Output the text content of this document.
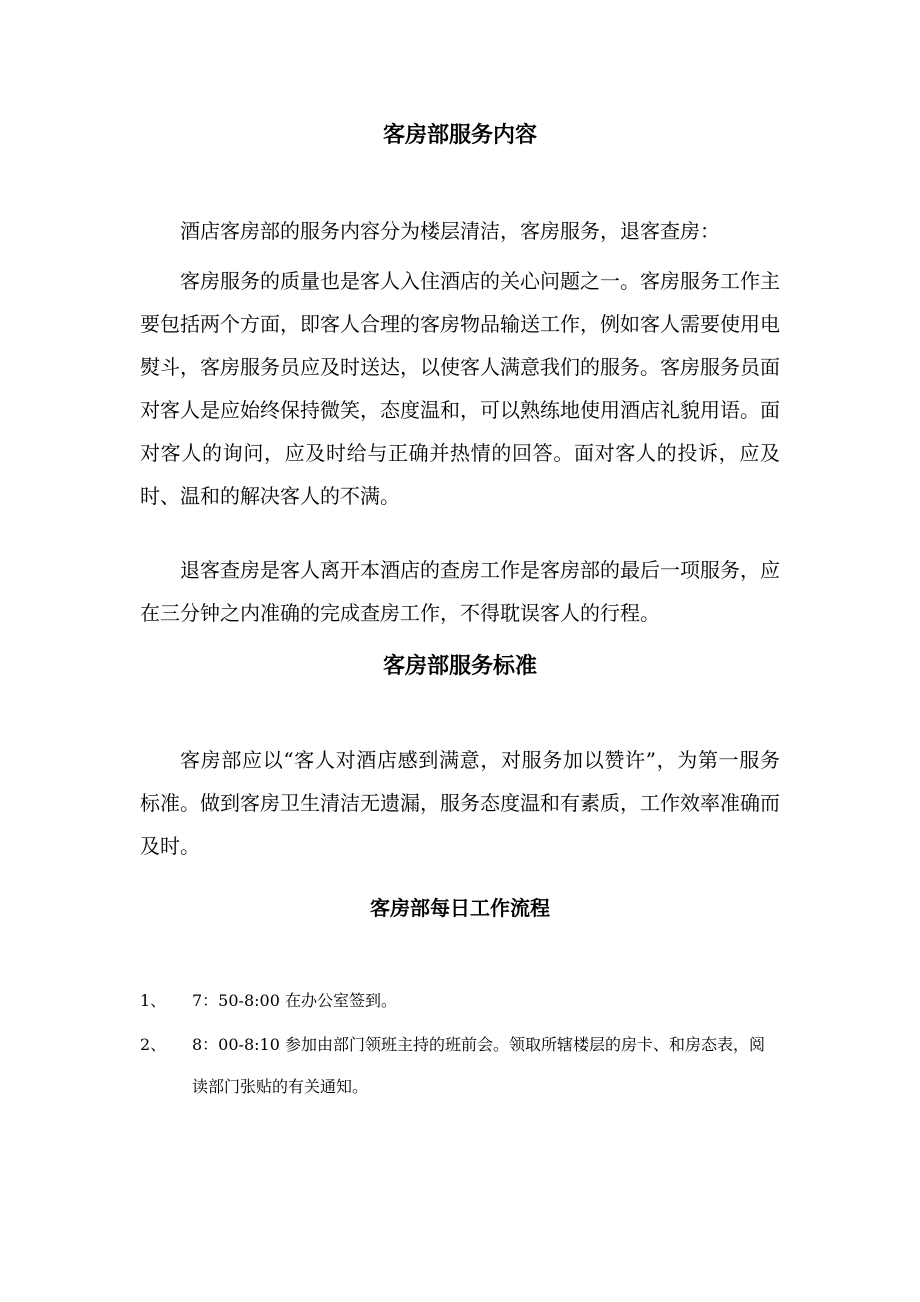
客房部服务内容

酒店客房部的服务内容分为楼层清洁，客房服务，退客查房：

客房服务的质量也是客人入住酒店的关心问题之一。客房服务工作主要包括两个方面，即客人合理的客房物品输送工作，例如客人需要使用电熨斗，客房服务员应及时送达，以使客人满意我们的服务。客房服务员面对客人是应始终保持微笑，态度温和，可以熟练地使用酒店礼貌用语。面对客人的询问，应及时给与正确并热情的回答。面对客人的投诉，应及时、温和的解决客人的不满。

退客查房是客人离开本酒店的查房工作是客房部的最后一项服务，应在三分钟之内准确的完成查房工作，不得耽误客人的行程。

客房部服务标准

客房部应以“客人对酒店感到满意，对服务加以赞许”，为第一服务标准。做到客房卫生清洁无遗漏，服务态度温和有素质，工作效率准确而及时。

客房部每日工作流程
1、 7：50-8:00 在办公室签到。
2、 8：00-8:10 参加由部门领班主持的班前会。领取所辖楼层的房卡、和房态表，阅读部门张贴的有关通知。
